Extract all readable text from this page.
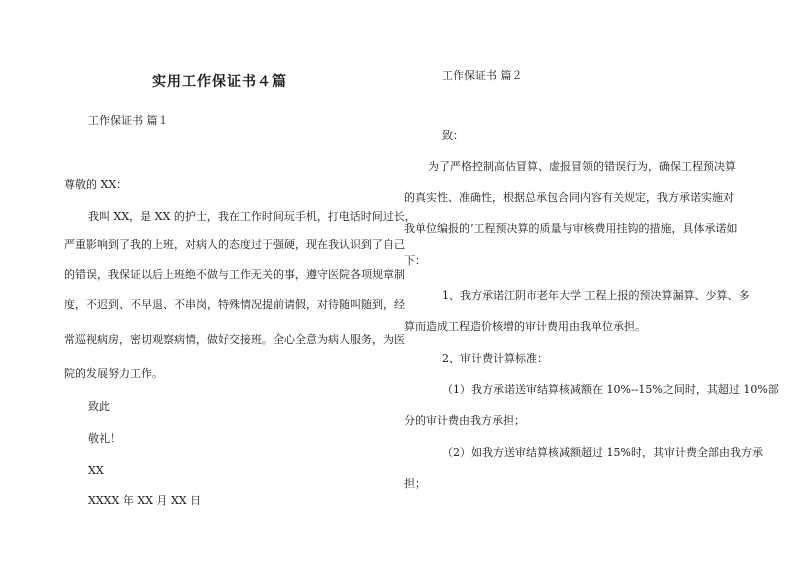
实用工作保证书４篇
工作保证书 篇１
尊敬的 XX：
我叫 XX，是 XX 的护士，我在工作时间玩手机，打电话时间过长，
严重影响到了我的上班，对病人的态度过于强硬，现在我认识到了自己
的错误，我保证以后上班绝不做与工作无关的事，遵守医院各项规章制
度，不迟到、不早退、不串岗，特殊情况提前请假，对待随叫随到，经
常巡视病房，密切观察病情，做好交接班。全心全意为病人服务，为医
院的发展努力工作。
致此
敬礼！
XX
XXXX 年 XX 月 XX 日
工作保证书 篇２
致：
为了严格控制高估冒算、虚报冒领的错误行为，确保工程预决算
的真实性、准确性，根据总承包合同内容有关规定，我方承诺实施对
我单位编报的’工程预决算的质量与审核费用挂钩的措施，具体承诺如
下：
1、我方承诺江阴市老年大学 工程上报的预决算漏算、少算、多
算而造成工程造价核增的审计费用由我单位承担。
2、审计费计算标准：
（1）我方承诺送审结算核减额在 10%--15%之间时，其超过 10%部
分的审计费由我方承担；
（2）如我方送审结算核减额超过 15%时，其审计费全部由我方承
担；
